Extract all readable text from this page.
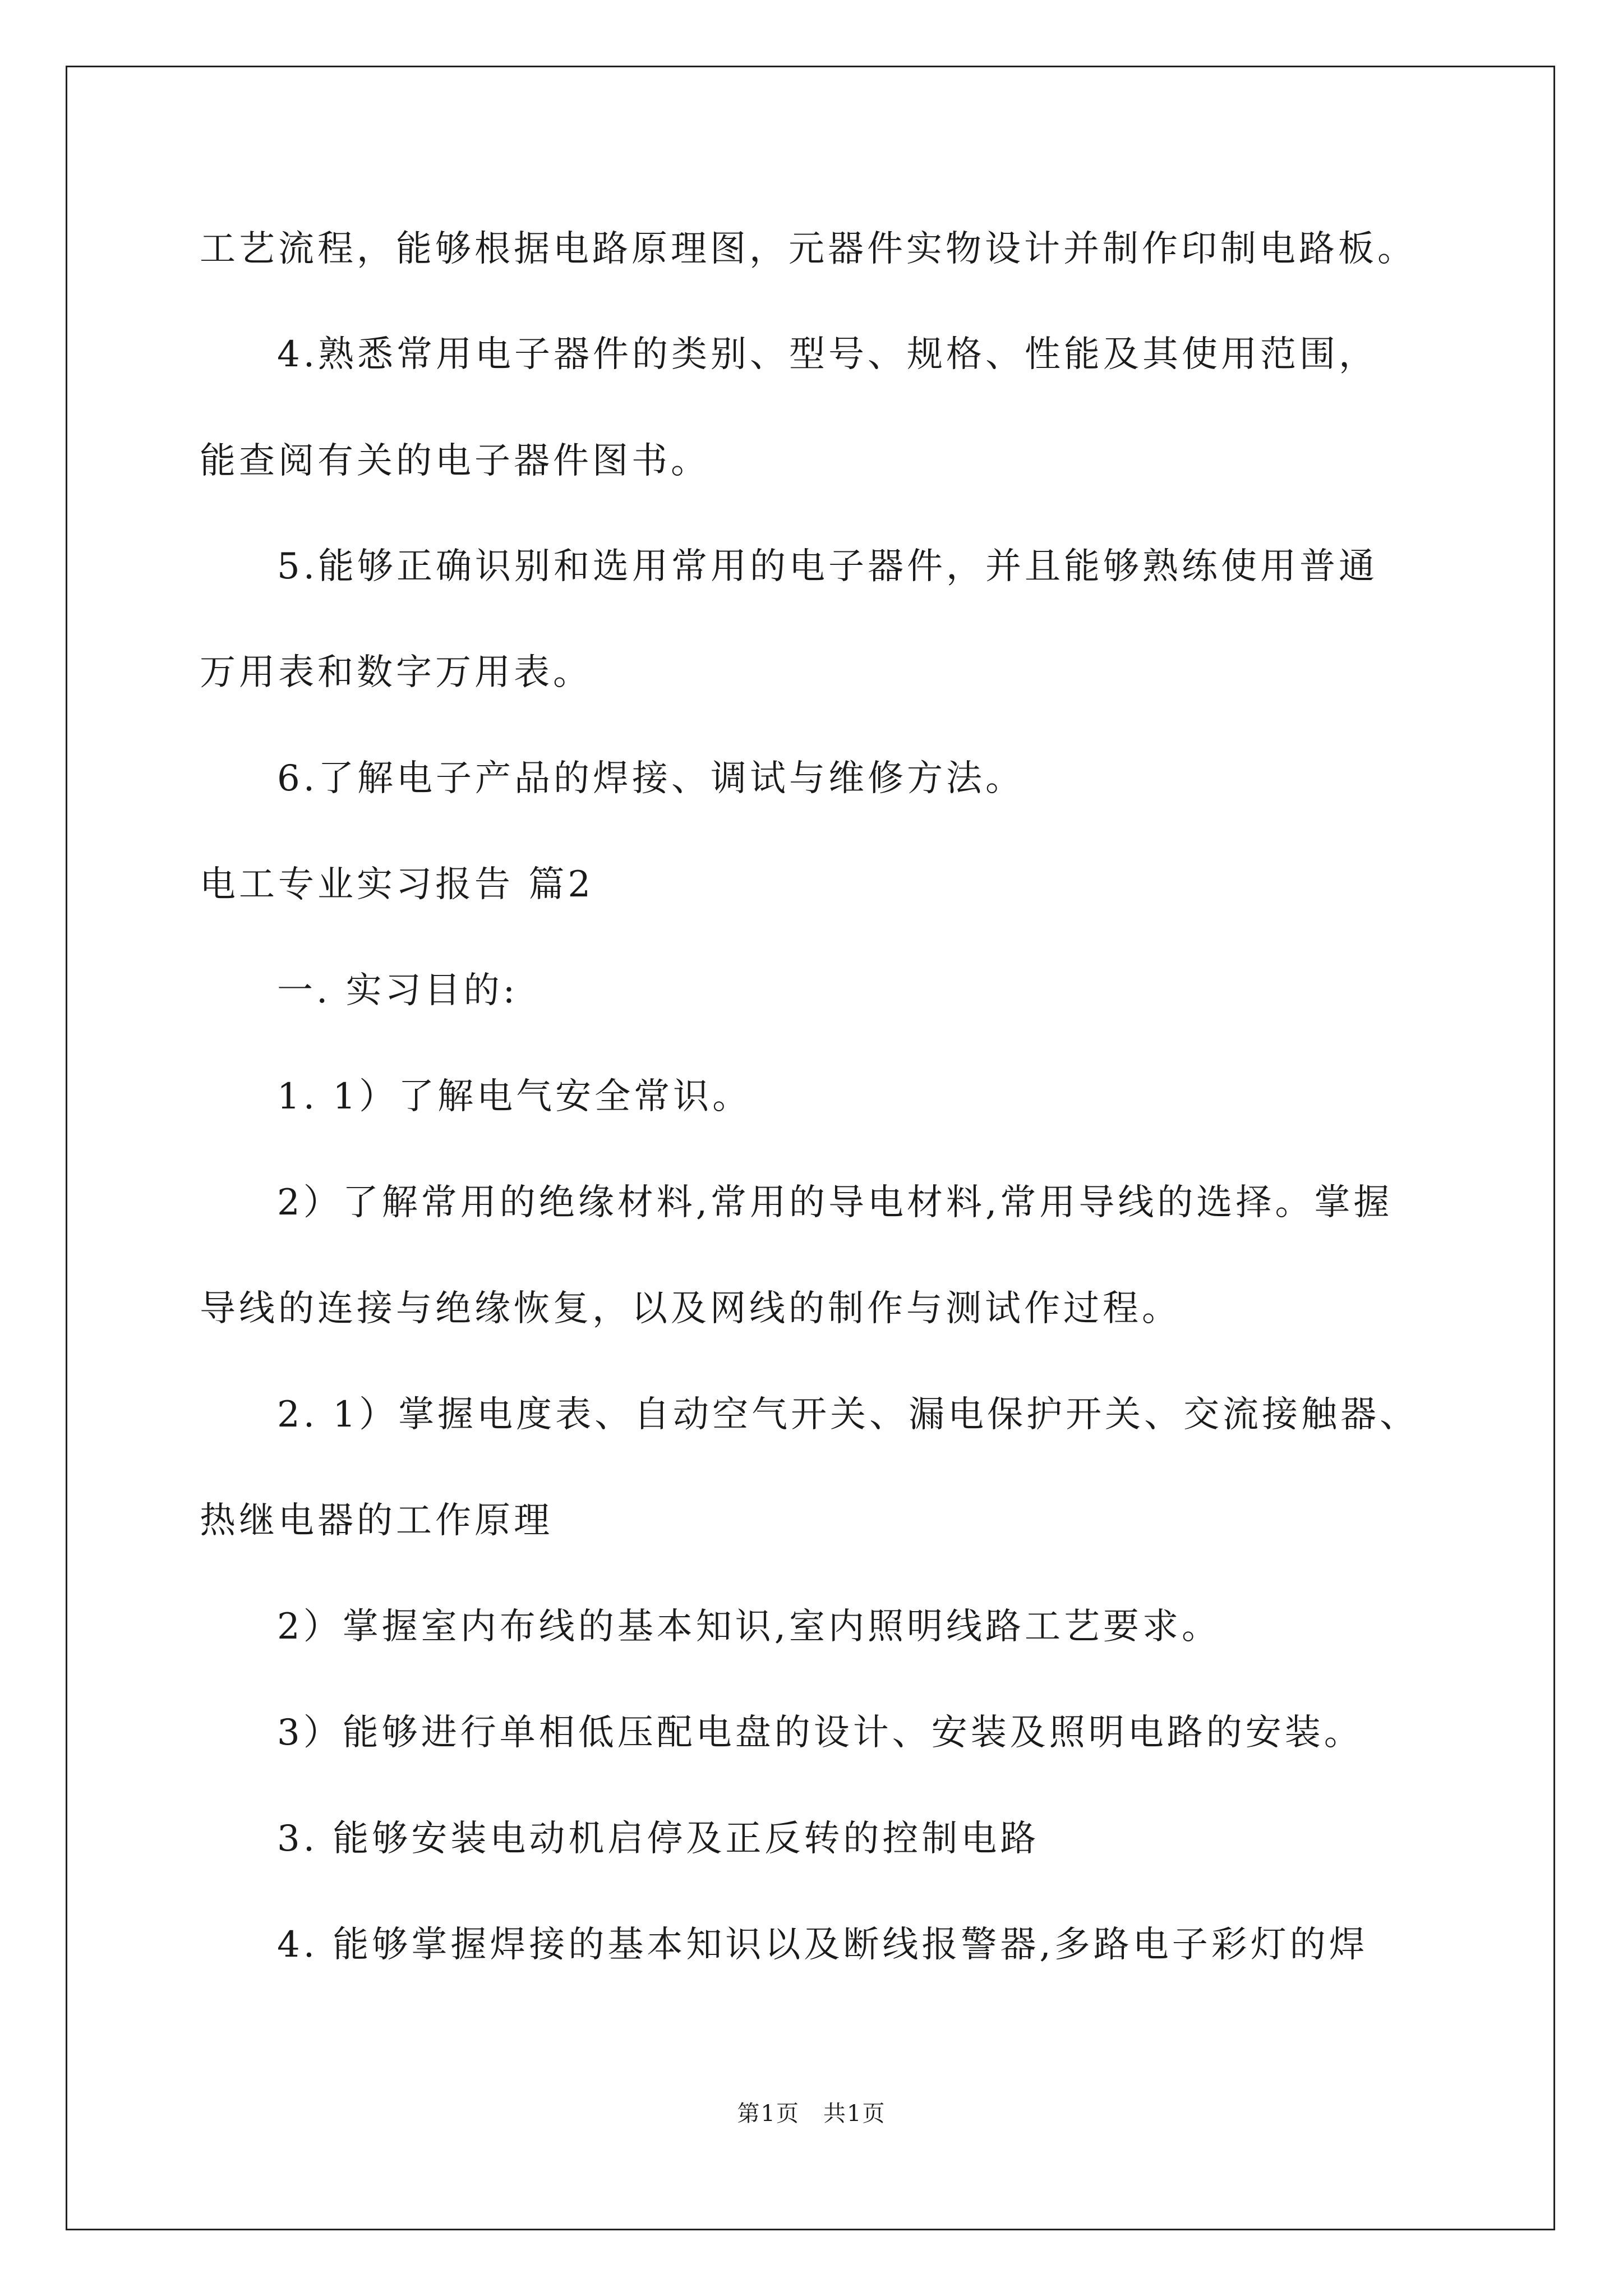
工艺流程，能够根据电路原理图，元器件实物设计并制作印制电路板。
4.熟悉常用电子器件的类别、型号、规格、性能及其使用范围，
能查阅有关的电子器件图书。
5.能够正确识别和选用常用的电子器件，并且能够熟练使用普通
万用表和数字万用表。
6.了解电子产品的焊接、调试与维修方法。
电工专业实习报告 篇2
一. 实习目的:
1. 1）了解电气安全常识。
2）了解常用的绝缘材料,常用的导电材料,常用导线的选择。掌握
导线的连接与绝缘恢复，以及网线的制作与测试作过程。
2. 1）掌握电度表、自动空气开关、漏电保护开关、交流接触器、
热继电器的工作原理
2）掌握室内布线的基本知识,室内照明线路工艺要求。
3）能够进行单相低压配电盘的设计、安装及照明电路的安装。
3. 能够安装电动机启停及正反转的控制电路
4. 能够掌握焊接的基本知识以及断线报警器,多路电子彩灯的焊
第1页　共1页
